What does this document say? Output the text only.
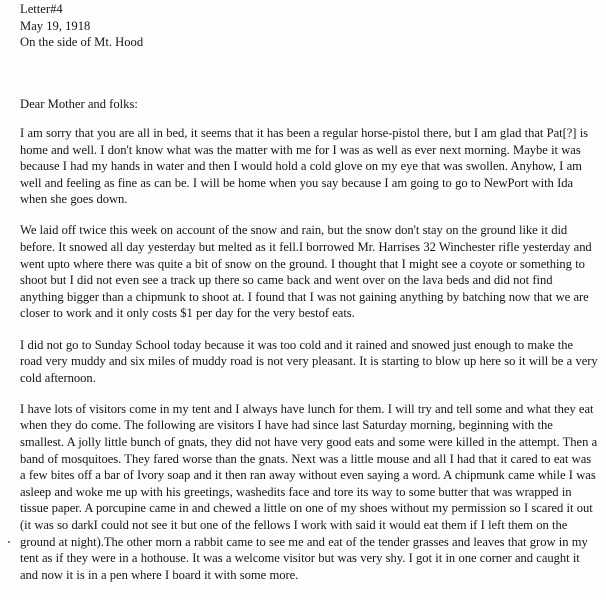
Letter#4
May 19, 1918
On the side of Mt. Hood
Dear Mother and folks:

I am sorry that you are all in bed, it seems that it has been a regular horse-pistol there, but I am glad that Pat[?] is home and well. I don't know what was the matter with me for I was as well as ever next morning. Maybe it was because I had my hands in water and then I would hold a cold glove on my eye that was swollen. Anyhow, I am well and feeling as fine as can be. I will be home when you say because I am going to go to NewPort with Ida when she goes down.

We laid off twice this week on account of the snow and rain, but the snow don't stay on the ground like it did before. It snowed all day yesterday but melted as it fell.I borrowed Mr. Harrises 32 Winchester rifle yesterday and went upto where there was quite a bit of snow on the ground. I thought that I might see a coyote or something to shoot but I did not even see a track up there so came back and went over on the lava beds and did not find anything bigger than a chipmunk to shoot at. I found that I was not gaining anything by batching now that we are closer to work and it only costs $1 per day for the very bestof eats.

I did not go to Sunday School today because it was too cold and it rained and snowed just enough to make the road very muddy and six miles of muddy road is not very pleasant. It is starting to blow up here so it will be a very cold afternoon.

I have lots of visitors come in my tent and I always have lunch for them. I will try and tell some and what they eat when they do come. The following are visitors I have had since last Saturday morning, beginning with the smallest. A jolly little bunch of gnats, they did not have very good eats and some were killed in the attempt. Then a band of mosquitoes. They fared worse than the gnats. Next was a little mouse and all I had that it cared to eat was a few bites off a bar of Ivory soap and it then ran away without even saying a word. A chipmunk came while I was asleep and woke me up with his greetings, washedits face and tore its way to some butter that was wrapped in tissue paper. A porcupine came in and chewed a little on one of my shoes without my permission so I scared it out (it was so darkI could not see it but one of the fellows I work with said it would eat them if I left them on the ground at night).The other morn a rabbit came to see me and eat of the tender grasses and leaves that grow in my tent as if they were in a hothouse. It was a welcome visitor but was very shy. I got it in one corner and caught it and now it is in a pen where I board it with some more.
